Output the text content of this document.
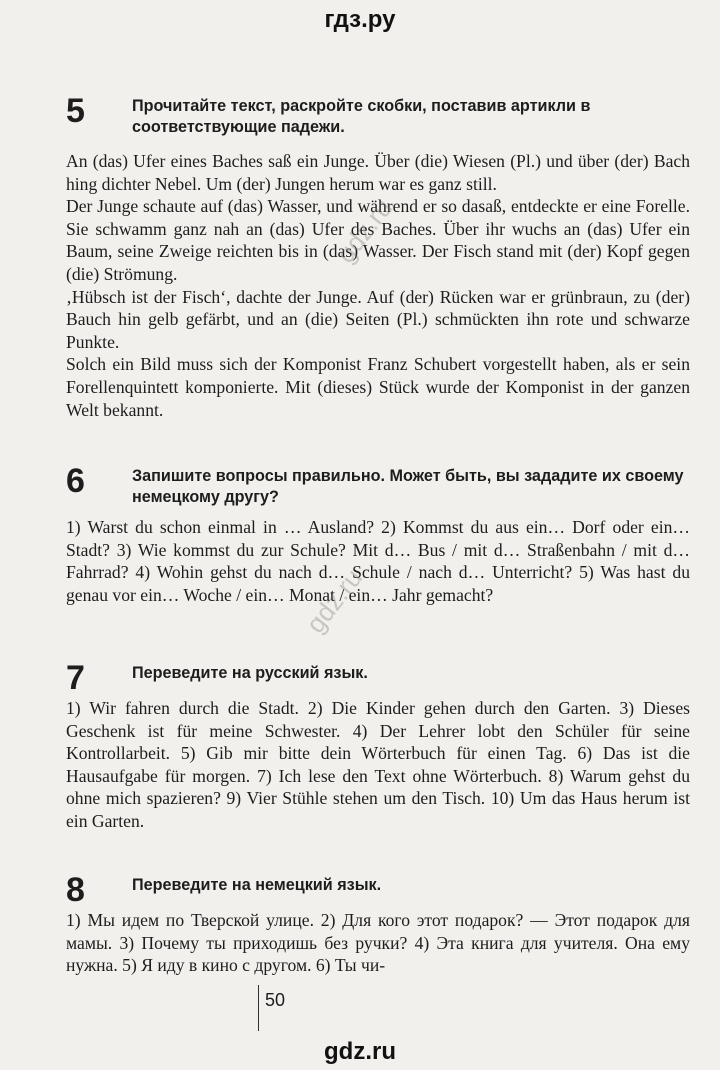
гдз.ру
5	Прочитайте текст, раскройте скобки, поставив артикли в соответствующие падежи.

An (das) Ufer eines Baches saß ein Junge. Über (die) Wiesen (Pl.) und über (der) Bach hing dichter Nebel. Um (der) Jungen herum war es ganz still.

Der Junge schaute auf (das) Wasser, und während er so dasaß, entdeckte er eine Forelle. Sie schwamm ganz nah an (das) Ufer des Baches. Über ihr wuchs an (das) Ufer ein Baum, seine Zweige reichten bis in (das) Wasser. Der Fisch stand mit (der) Kopf gegen (die) Strömung.

‚Hübsch ist der Fisch‘, dachte der Junge. Auf (der) Rücken war er grünbraun, zu (der) Bauch hin gelb gefärbt, und an (die) Seiten (Pl.) schmückten ihn rote und schwarze Punkte.

Solch ein Bild muss sich der Komponist Franz Schubert vorgestellt haben, als er sein Forellenquintett komponierte. Mit (dieses) Stück wurde der Komponist in der ganzen Welt bekannt.

6	Запишите вопросы правильно. Может быть, вы зададите их своему немецкому другу?

1) Warst du schon einmal in … Ausland? 2) Kommst du aus ein… Dorf oder ein… Stadt? 3) Wie kommst du zur Schule? Mit d… Bus / mit d… Straßenbahn / mit d… Fahrrad? 4) Wohin gehst du nach d… Schule / nach d… Unterricht? 5) Was hast du genau vor ein… Woche / ein… Monat / ein… Jahr gemacht?

7	Переведите на русский язык.

1) Wir fahren durch die Stadt. 2) Die Kinder gehen durch den Garten. 3) Dieses Geschenk ist für meine Schwester. 4) Der Lehrer lobt den Schüler für seine Kontrollarbeit. 5) Gib mir bitte dein Wörterbuch für einen Tag. 6) Das ist die Hausaufgabe für morgen. 7) Ich lese den Text ohne Wörterbuch. 8) Warum gehst du ohne mich spazieren? 9) Vier Stühle stehen um den Tisch. 10) Um das Haus herum ist ein Garten.

8	Переведите на немецкий язык.

1) Мы идем по Тверской улице. 2) Для кого этот подарок? — Этот подарок для мамы. 3) Почему ты приходишь без ручки? 4) Эта книга для учителя. Она ему нужна. 5) Я иду в кино с другом. 6) Ты чи-

gdz.ru
gdz.ru
50
gdz.ru
